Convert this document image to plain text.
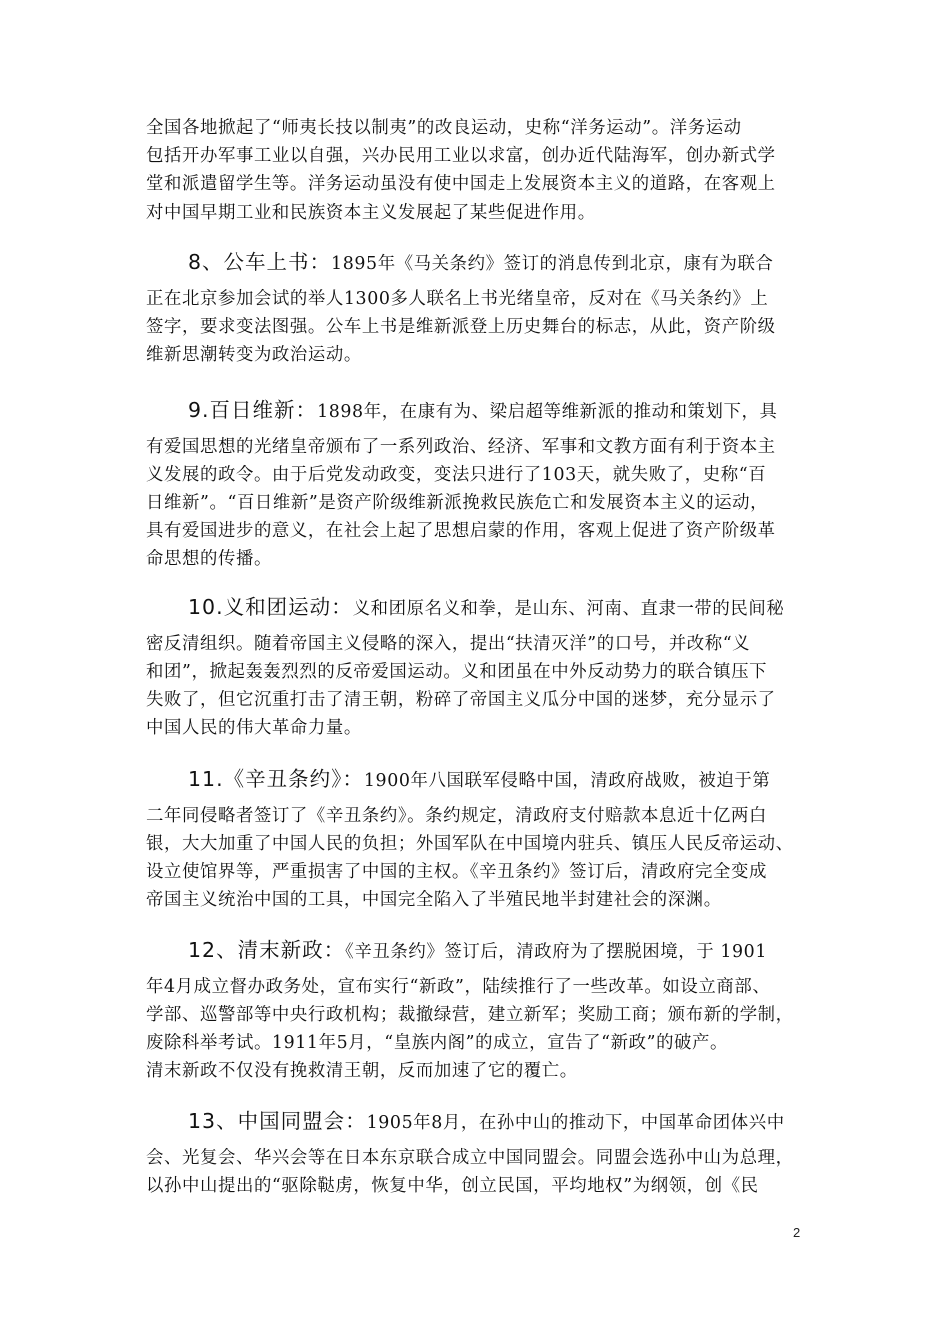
全国各地掀起了“师夷长技以制夷”的改良运动，史称“洋务运动”。洋务运动
包括开办军事工业以自强，兴办民用工业以求富，创办近代陆海军，创办新式学
堂和派遣留学生等。洋务运动虽没有使中国走上发展资本主义的道路，在客观上
对中国早期工业和民族资本主义发展起了某些促进作用。
8、公车上书：1895年《马关条约》签订的消息传到北京，康有为联合
正在北京参加会试的举人1300多人联名上书光绪皇帝，反对在《马关条约》上
签字，要求变法图强。公车上书是维新派登上历史舞台的标志，从此，资产阶级
维新思潮转变为政治运动。
9.百日维新：1898年，在康有为、梁启超等维新派的推动和策划下，具
有爱国思想的光绪皇帝颁布了一系列政治、经济、军事和文教方面有利于资本主
义发展的政令。由于后党发动政变，变法只进行了103天，就失败了，史称“百
日维新”。“百日维新”是资产阶级维新派挽救民族危亡和发展资本主义的运动，
具有爱国进步的意义，在社会上起了思想启蒙的作用，客观上促进了资产阶级革
命思想的传播。
10.义和团运动：义和团原名义和拳，是山东、河南、直隶一带的民间秘
密反清组织。随着帝国主义侵略的深入，提出“扶清灭洋”的口号，并改称“义
和团”，掀起轰轰烈烈的反帝爱国运动。义和团虽在中外反动势力的联合镇压下
失败了，但它沉重打击了清王朝，粉碎了帝国主义瓜分中国的迷梦，充分显示了
中国人民的伟大革命力量。
11.《辛丑条约》：1900年八国联军侵略中国，清政府战败，被迫于第
二年同侵略者签订了《辛丑条约》。条约规定，清政府支付赔款本息近十亿两白
银，大大加重了中国人民的负担；外国军队在中国境内驻兵、镇压人民反帝运动、
设立使馆界等，严重损害了中国的主权。《辛丑条约》签订后，清政府完全变成
帝国主义统治中国的工具，中国完全陷入了半殖民地半封建社会的深渊。
12、清末新政：《辛丑条约》签订后，清政府为了摆脱困境，于 1901
年4月成立督办政务处，宣布实行“新政”，陆续推行了一些改革。如设立商部、
学部、巡警部等中央行政机构；裁撤绿营，建立新军；奖励工商；颁布新的学制，
废除科举考试。1911年5月，“皇族内阁”的成立，宣告了“新政”的破产。
清末新政不仅没有挽救清王朝，反而加速了它的覆亡。
13、中国同盟会：1905年8月，在孙中山的推动下，中国革命团体兴中
会、光复会、华兴会等在日本东京联合成立中国同盟会。同盟会选孙中山为总理，
以孙中山提出的“驱除鞑虏，恢复中华，创立民国，平均地权”为纲领，创《民
2
